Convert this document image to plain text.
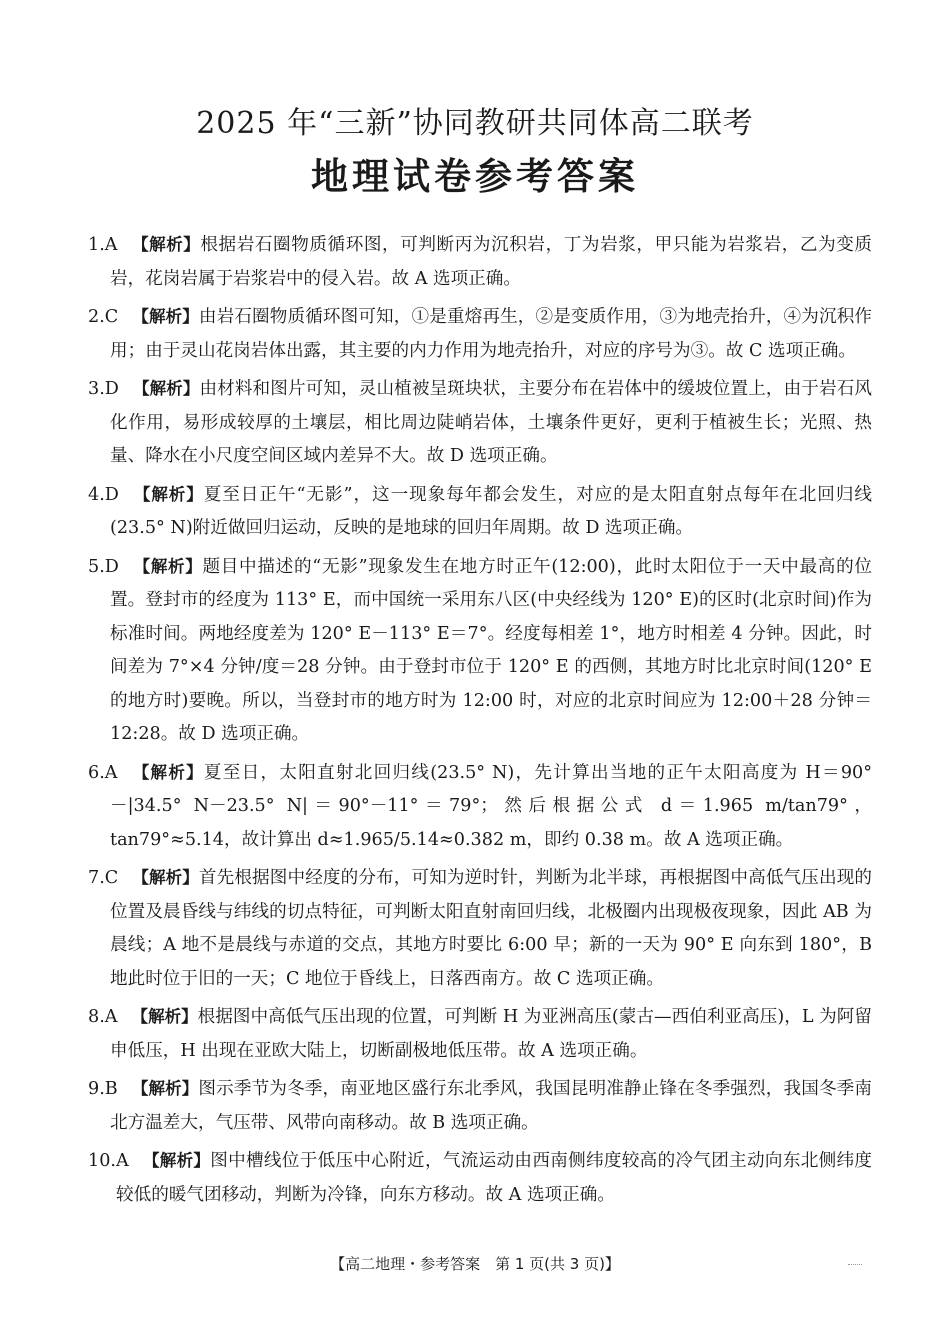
2025 年“三新”协同教研共同体高二联考
地理试卷参考答案
1.A 【解析】根据岩石圈物质循环图，可判断丙为沉积岩，丁为岩浆，甲只能为岩浆岩，乙为变质岩，花岗岩属于岩浆岩中的侵入岩。故 A 选项正确。
2.C 【解析】由岩石圈物质循环图可知，①是重熔再生，②是变质作用，③为地壳抬升，④为沉积作用；由于灵山花岗岩体出露，其主要的内力作用为地壳抬升，对应的序号为③。故 C 选项正确。
3.D 【解析】由材料和图片可知，灵山植被呈斑块状，主要分布在岩体中的缓坡位置上，由于岩石风化作用，易形成较厚的土壤层，相比周边陡峭岩体，土壤条件更好，更利于植被生长；光照、热量、降水在小尺度空间区域内差异不大。故 D 选项正确。
4.D 【解析】夏至日正午“无影”，这一现象每年都会发生，对应的是太阳直射点每年在北回归线(23.5° N)附近做回归运动，反映的是地球的回归年周期。故 D 选项正确。
5.D 【解析】题目中描述的“无影”现象发生在地方时正午(12:00)，此时太阳位于一天中最高的位置。登封市的经度为 113° E，而中国统一采用东八区(中央经线为 120° E)的区时(北京时间)作为标准时间。两地经度差为 120° E－113° E＝7°。经度每相差 1°，地方时相差 4 分钟。因此，时间差为 7°×4 分钟/度＝28 分钟。由于登封市位于 120° E 的西侧，其地方时比北京时间(120° E 的地方时)要晚。所以，当登封市的地方时为 12:00 时，对应的北京时间应为 12:00＋28 分钟＝12:28。故 D 选项正确。
6.A 【解析】夏至日，太阳直射北回归线(23.5° N)，先计算出当地的正午太阳高度为 H＝90°－|34.5° N－23.5° N|＝90°－11°＝79°；然后根据公式 d＝1.965 m/tan79°，tan79°≈5.14，故计算出 d≈1.965/5.14≈0.382 m，即约 0.38 m。故 A 选项正确。
7.C 【解析】首先根据图中经度的分布，可知为逆时针，判断为北半球，再根据图中高低气压出现的位置及晨昏线与纬线的切点特征，可判断太阳直射南回归线，北极圈内出现极夜现象，因此 AB 为晨线；A 地不是晨线与赤道的交点，其地方时要比 6:00 早；新的一天为 90° E 向东到 180°，B 地此时位于旧的一天；C 地位于昏线上，日落西南方。故 C 选项正确。
8.A 【解析】根据图中高低气压出现的位置，可判断 H 为亚洲高压(蒙古—西伯利亚高压)，L 为阿留申低压，H 出现在亚欧大陆上，切断副极地低压带。故 A 选项正确。
9.B 【解析】图示季节为冬季，南亚地区盛行东北季风，我国昆明准静止锋在冬季强烈，我国冬季南北方温差大，气压带、风带向南移动。故 B 选项正确。
10.A 【解析】图中槽线位于低压中心附近，气流运动由西南侧纬度较高的冷气团主动向东北侧纬度较低的暖气团移动，判断为冷锋，向东方移动。故 A 选项正确。
【高二地理・参考答案　第 1 页(共 3 页)】
